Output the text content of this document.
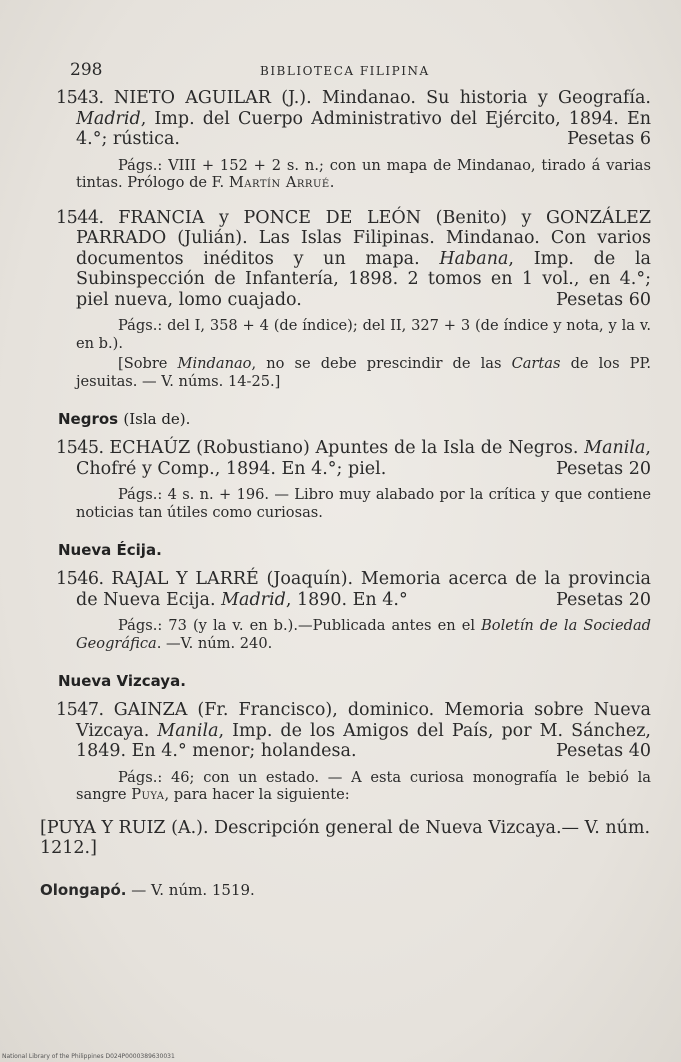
298	BIBLIOTECA FILIPINA
1543. NIETO AGUILAR (J.). Mindanao. Su historia y Geografía. Madrid, Imp. del Cuerpo Administrativo del Ejército, 1894. En 4.°; rústica.	Pesetas 6
Págs.: VIII + 152 + 2 s. n.; con un mapa de Mindanao, tirado á varias tintas. Prólogo de F. Martín Arrué.
1544. FRANCIA y PONCE DE LEÓN (Benito) y GONZÁLEZ PARRADO (Julián). Las Islas Filipinas. Mindanao. Con varios documentos inéditos y un mapa. Habana, Imp. de la Subinspección de Infantería, 1898. 2 tomos en 1 vol., en 4.°; piel nueva, lomo cuajado.	Pesetas 60
Págs.: del I, 358 + 4 (de índice); del II, 327 + 3 (de índice y nota, y la v. en b.).
[Sobre Mindanao, no se debe prescindir de las Cartas de los PP. jesuitas. — V. núms. 14-25.]
Negros (Isla de).
1545. ECHAÚZ (Robustiano) Apuntes de la Isla de Negros. Manila, Chofré y Comp., 1894. En 4.°; piel.	Pesetas 20
Págs.: 4 s. n. + 196. — Libro muy alabado por la crítica y que contiene noticias tan útiles como curiosas.
Nueva Écija.
1546. RAJAL Y LARRÉ (Joaquín). Memoria acerca de la provincia de Nueva Ecija. Madrid, 1890. En 4.°	Pesetas 20
Págs.: 73 (y la v. en b.).—Publicada antes en el Boletín de la Sociedad Geográfica. —V. núm. 240.
Nueva Vizcaya.
1547. GAINZA (Fr. Francisco), dominico. Memoria sobre Nueva Vizcaya. Manila, Imp. de los Amigos del País, por M. Sánchez, 1849. En 4.° menor; holandesa.	Pesetas 40
Págs.: 46; con un estado. — A esta curiosa monografía le bebió la sangre Puya, para hacer la siguiente:
[PUYA Y RUIZ (A.). Descripción general de Nueva Vizcaya.— V. núm. 1212.]
Olongapó. — V. núm. 1519.
National Library of the Philippines D024P0000389630031
